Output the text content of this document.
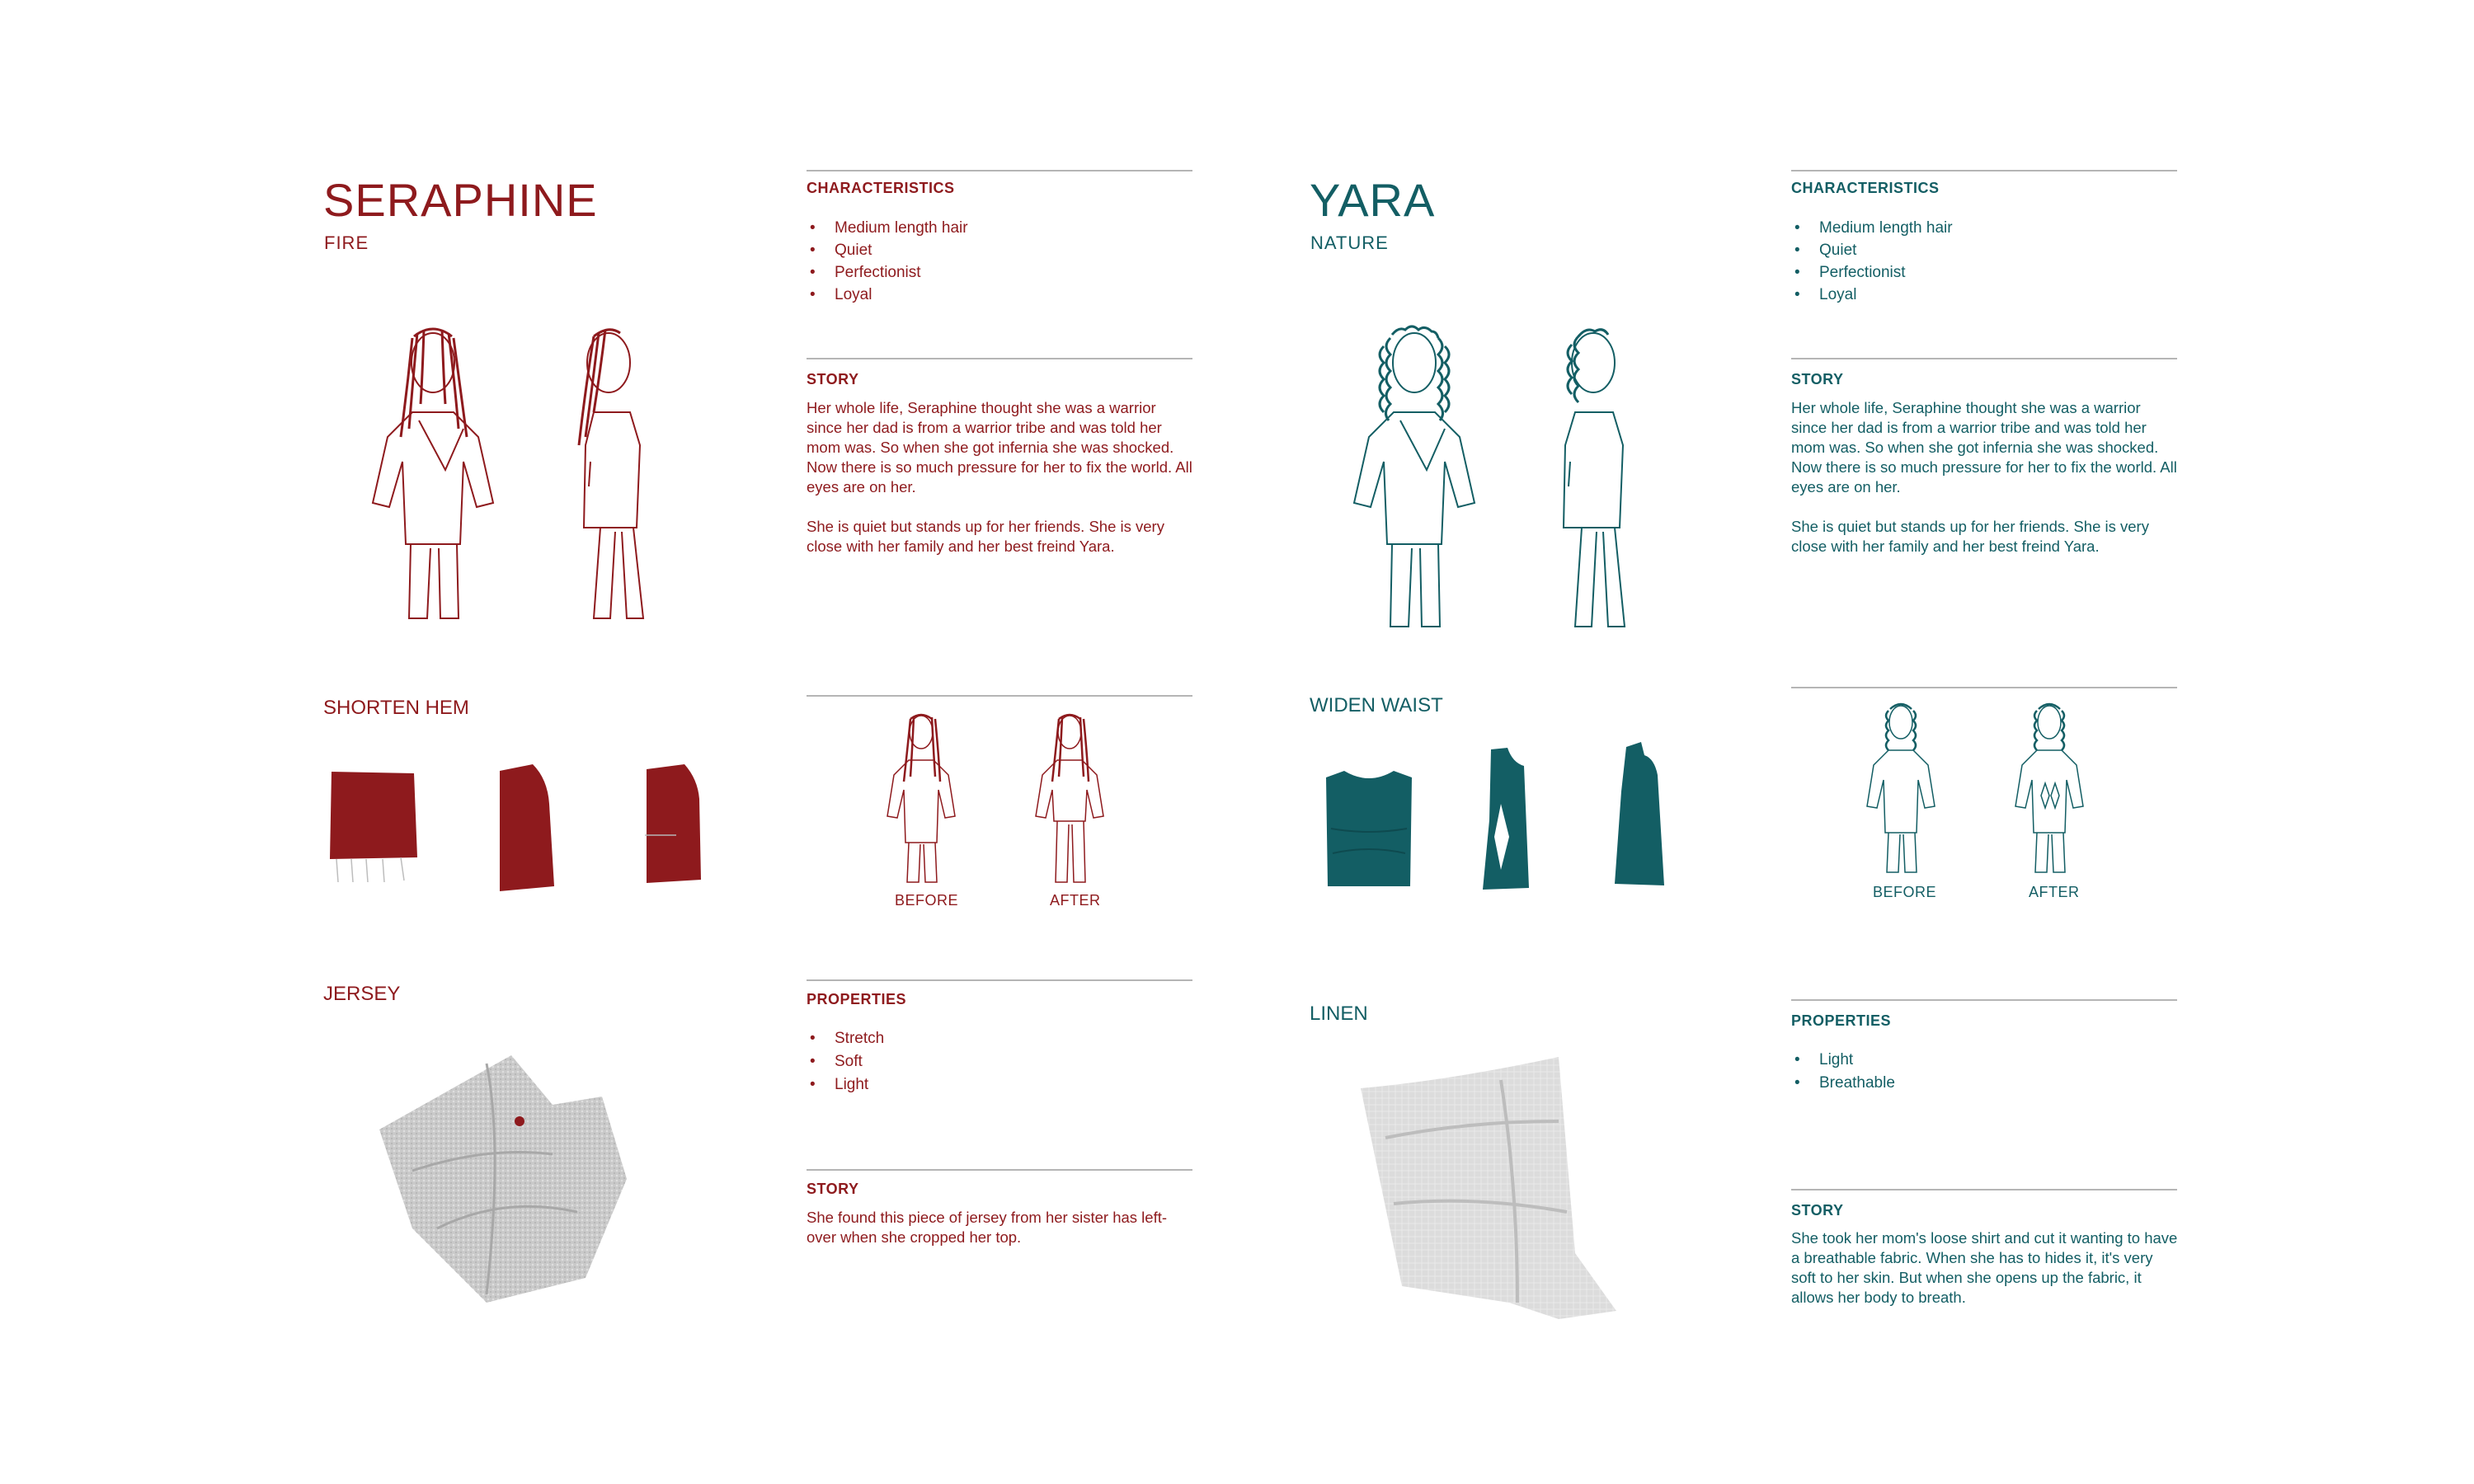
SERAPHINE
FIRE
CHARACTERISTICS
• Medium length hair
• Quiet
• Perfectionist
• Loyal
STORY

Her whole life, Seraphine thought she was a warrior since her dad is from a warrior tribe and was told her mom was. So when she got infernia she was shocked. Now there is so much pressure for her to fix the world. All eyes are on her.

She is quiet but stands up for her friends. She is very close with her family and her best freind Yara.

SHORTEN HEM
BEFORE	AFTER
JERSEY	PROPERTIES
• Stretch
• Soft
• Light
STORY
She found this piece of jersey from her sister has left-over when she cropped her top.
YARA
NATURE
CHARACTERISTICS
• Medium length hair
• Quiet
• Perfectionist
• Loyal
STORY

Her whole life, Seraphine thought she was a warrior since her dad is from a warrior tribe and was told her mom was. So when she got infernia she was shocked. Now there is so much pressure for her to fix the world. All eyes are on her.

She is quiet but stands up for her friends. She is very close with her family and her best freind Yara.

WIDEN WAIST
BEFORE	AFTER
LINEN	PROPERTIES
• Light
• Breathable
STORY
She took her mom's loose shirt and cut it wanting to have a breathable fabric. When she has to hides it, it's very soft to her skin. But when she opens up the fabric, it allows her body to breath.
